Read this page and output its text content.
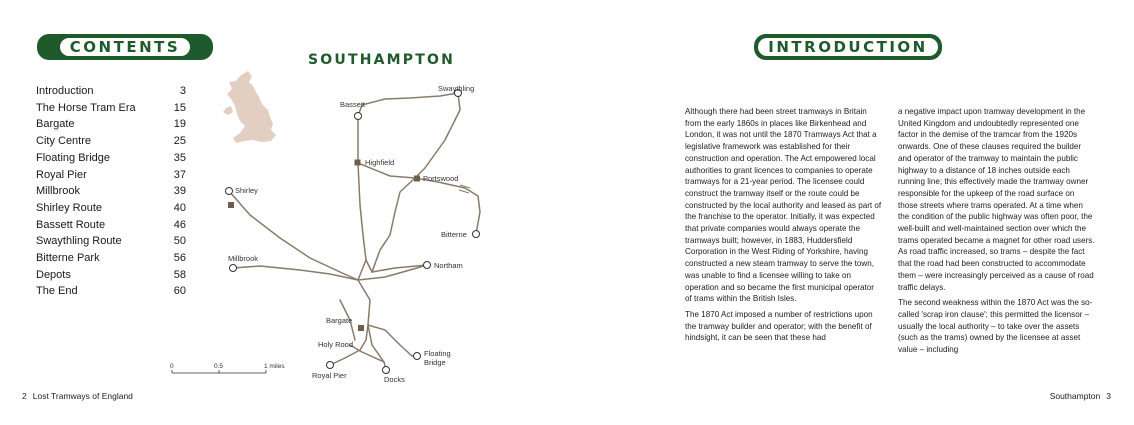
CONTENTS
Introduction	3
The Horse Tram Era	15
Bargate	19
City Centre	25
Floating Bridge	35
Royal Pier	37
Millbrook	39
Shirley Route	40
Bassett Route	46
Swaythling Route	50
Bitterne Park	56
Depots	58
The End	60
SOUTHAMPTON
Bassett
Swaythling
Highfield
Portswood
Shirley
Bitterne
Millbrook
Northam
Bargate
Holy Rood
Floating
Bridge
Royal Pier	Docks
0	0.5	1 miles
2 Lost Tramways of England
INTRODUCTION

Although there had been street tramways in Britain from the early 1860s in places like Birkenhead and London, it was not until the 1870 Tramways Act that a legislative framework was established for their construction and operation. The Act empowered local authorities to grant licences to companies to operate tramways for a 21-year period. The licensee could construct the tramway itself or the route could be constructed by the local authority and leased as part of the franchise to the operator. Initially, it was expected that private companies would always operate the tramways built; however, in 1883, Huddersfield Corporation in the West Riding of Yorkshire, having constructed a new steam tramway to serve the town, was unable to find a licensee willing to take on operation and so became the first municipal operator of trams within the British Isles.

The 1870 Act imposed a number of restrictions upon the tramway builder and operator; with the benefit of hindsight, it can be seen that these had

a negative impact upon tramway development in the United Kingdom and undoubtedly represented one factor in the demise of the tramcar from the 1920s onwards. One of these clauses required the builder and operator of the tramway to maintain the public highway to a distance of 18 inches outside each running line; this effectively made the tramway owner responsible for the upkeep of the road surface on those streets where trams operated. At a time when the condition of the public highway was often poor, the well-built and well-maintained section over which the trams operated became a magnet for other road users. As road traffic increased, so trams – despite the fact that the road had been constructed to accommodate them – were increasingly perceived as a cause of road traffic delays.

The second weakness within the 1870 Act was the so-called 'scrap iron clause'; this permitted the licensor – usually the local authority – to take over the assets (such as the trams) owned by the licensee at asset value – including

Southampton 3
